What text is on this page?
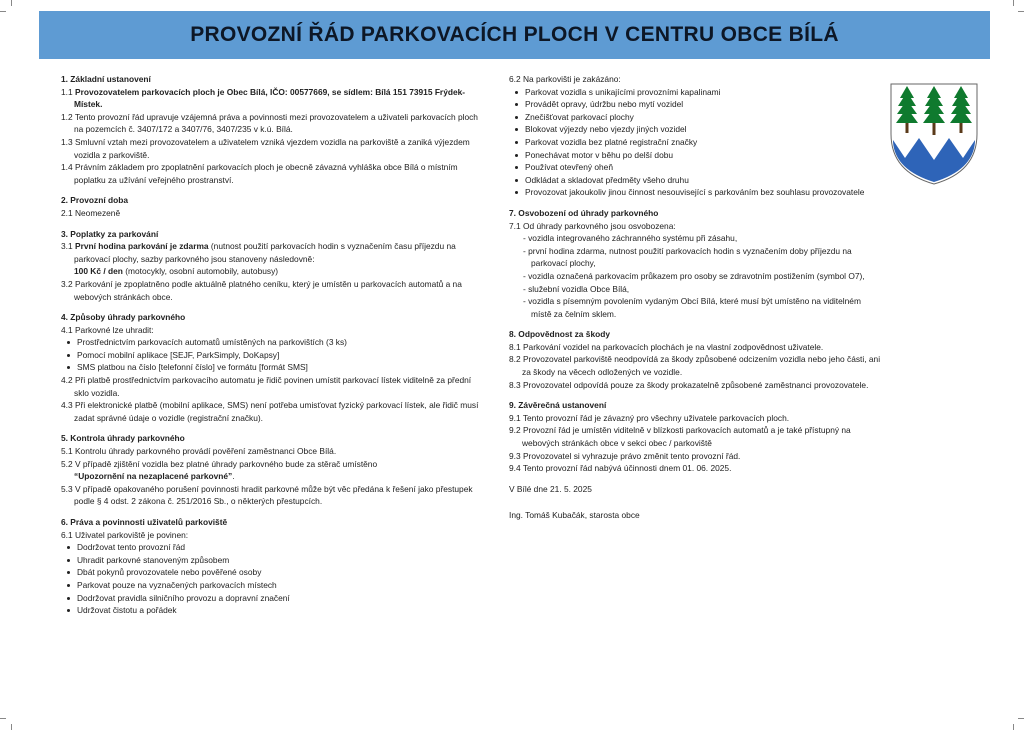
PROVOZNÍ ŘÁD PARKOVACÍCH PLOCH V CENTRU OBCE BÍLÁ
1. Základní ustanovení
1.1 Provozovatelem parkovacích ploch je Obec Bílá, IČO: 00577669, se sídlem: Bílá 151 73915 Frýdek-Místek.
1.2 Tento provozní řád upravuje vzájemná práva a povinnosti mezi provozovatelem a uživateli parkovacích ploch na pozemcích č. 3407/172 a 3407/76, 3407/235 v k.ú. Bílá.
1.3 Smluvní vztah mezi provozovatelem a uživatelem vzniká vjezdem vozidla na parkoviště a zaniká výjezdem vozidla z parkoviště.
1.4 Právním základem pro zpoplatnění parkovacích ploch je obecně závazná vyhláška obce Bílá o místním poplatku za užívání veřejného prostranství.
2. Provozní doba
2.1 Neomezeně
3. Poplatky za parkování
3.1 První hodina parkování je zdarma (nutnost použití parkovacích hodin s vyznačením času příjezdu na parkovací plochy, sazby parkovného jsou stanoveny následovně:
100 Kč / den (motocykly, osobní automobily, autobusy)
3.2 Parkování je zpoplatněno podle aktuálně platného ceníku, který je umístěn u parkovacích automatů a na webových stránkách obce.
4. Způsoby úhrady parkovného
4.1 Parkovné lze uhradit:
Prostřednictvím parkovacích automatů umístěných na parkovištích (3 ks)
Pomocí mobilní aplikace [SEJF, ParkSimply, DoKapsy]
SMS platbou na číslo [telefonní číslo] ve formátu [formát SMS]
4.2 Při platbě prostřednictvím parkovacího automatu je řidič povinen umístit parkovací lístek viditelně za přední sklo vozidla.
4.3 Při elektronické platbě (mobilní aplikace, SMS) není potřeba umisťovat fyzický parkovací lístek, ale řidič musí zadat správné údaje o vozidle (registrační značku).
5. Kontrola úhrady parkovného
5.1 Kontrolu úhrady parkovného provádí pověření zaměstnanci Obce Bílá.
5.2 V případě zjištění vozidla bez platné úhrady parkovného bude za stěrač umístěno
“Upozornění na nezaplacené parkovné”.
5.3 V případě opakovaného porušení povinnosti hradit parkovné může být věc předána k řešení jako přestupek podle § 4 odst. 2 zákona č. 251/2016 Sb., o některých přestupcích.
6. Práva a povinnosti uživatelů parkoviště
6.1 Uživatel parkoviště je povinen:
Dodržovat tento provozní řád
Uhradit parkovné stanoveným způsobem
Dbát pokynů provozovatele nebo pověřené osoby
Parkovat pouze na vyznačených parkovacích místech
Dodržovat pravidla silničního provozu a dopravní značení
Udržovat čistotu a pořádek
6.2 Na parkovišti je zakázáno:
Parkovat vozidla s unikajícími provozními kapalinami
Provádět opravy, údržbu nebo mytí vozidel
Znečišťovat parkovací plochy
Blokovat výjezdy nebo vjezdy jiných vozidel
Parkovat vozidla bez platné registrační značky
Ponechávat motor v běhu po delší dobu
Používat otevřený oheň
Odkládat a skladovat předměty všeho druhu
Provozovat jakoukoliv jinou činnost nesouvisející s parkováním bez souhlasu provozovatele
7. Osvobození od úhrady parkovného
7.1 Od úhrady parkovného jsou osvobozena:
- vozidla integrovaného záchranného systému při zásahu,
- první hodina zdarma, nutnost použití parkovacích hodin s vyznačením doby příjezdu na parkovací plochy,
- vozidla označená parkovacím průkazem pro osoby se zdravotním postižením (symbol O7),
- služební vozidla Obce Bílá,
- vozidla s písemným povolením vydaným Obcí Bílá, které musí být umístěno na viditelném místě za čelním sklem.
8. Odpovědnost za škody
8.1 Parkování vozidel na parkovacích plochách je na vlastní zodpovědnost uživatele.
8.2 Provozovatel parkoviště neodpovídá za škody způsobené odcizením vozidla nebo jeho části, ani za škody na věcech odložených ve vozidle.
8.3 Provozovatel odpovídá pouze za škody prokazatelně způsobené zaměstnanci provozovatele.
9. Závěrečná ustanovení
9.1 Tento provozní řád je závazný pro všechny uživatele parkovacích ploch.
9.2 Provozní řád je umístěn viditelně v blízkosti parkovacích automatů a je také přístupný na webových stránkách obce v sekci obec / parkoviště
9.3 Provozovatel si vyhrazuje právo změnit tento provozní řád.
9.4 Tento provozní řád nabývá účinnosti dnem 01. 06. 2025.
V Bílé dne 21. 5. 2025
Ing. Tomáš Kubačák, starosta obce
